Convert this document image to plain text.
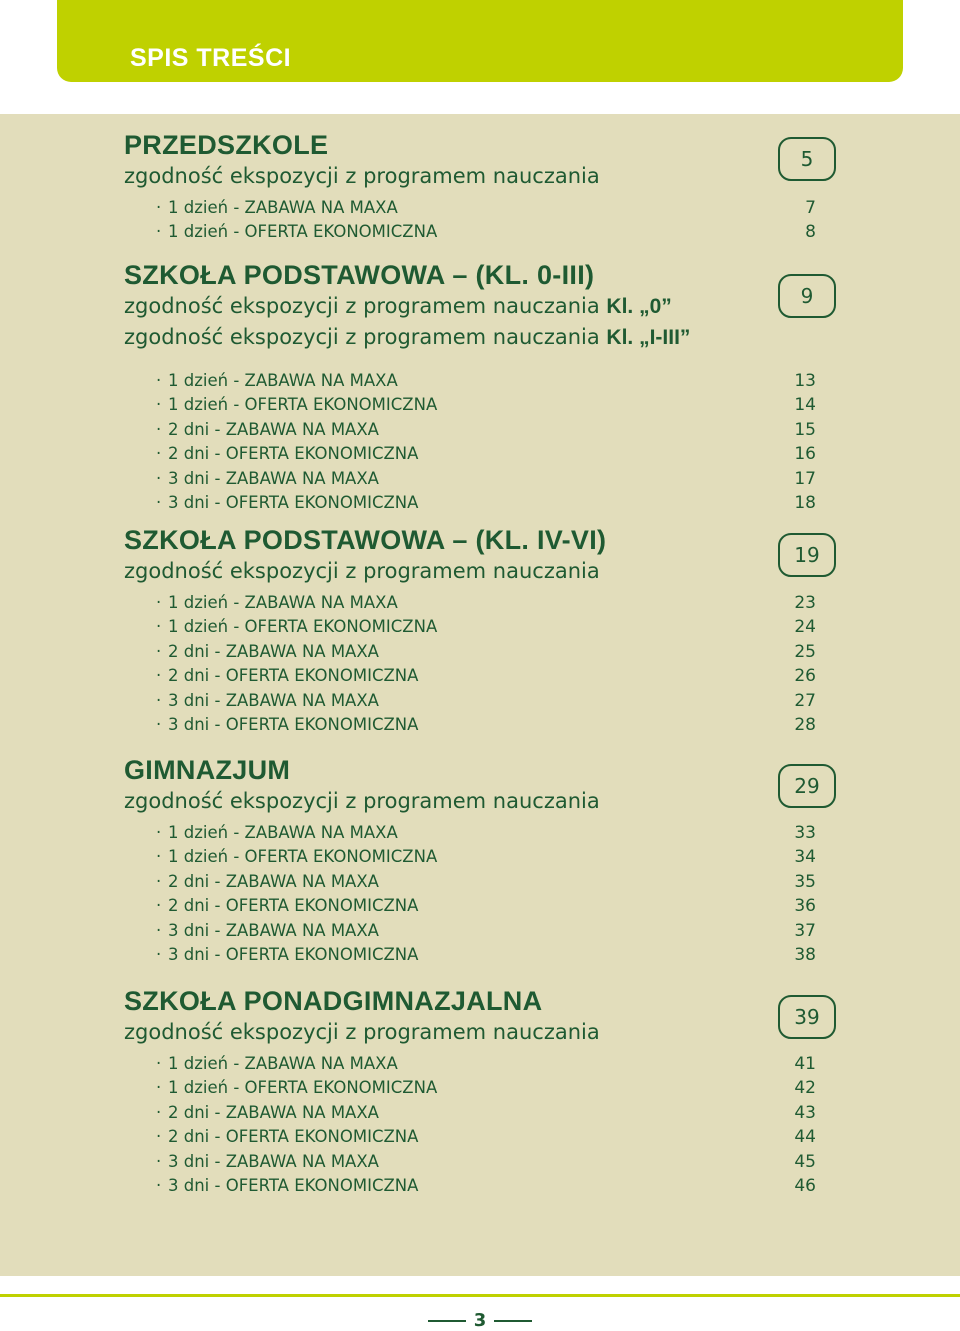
SPIS TREŚCI
PRZEDSZKOLE
zgodność ekspozycji z programem nauczania
5
· 1 dzień - ZABAWA NA MAXA	7
· 1 dzień - OFERTA EKONOMICZNA	8
SZKOŁA PODSTAWOWA – (KL. 0-III)
zgodność ekspozycji z programem nauczania Kl. „0”
zgodność ekspozycji z programem nauczania Kl. „I-III”
9
· 1 dzień - ZABAWA NA MAXA	13
· 1 dzień - OFERTA EKONOMICZNA	14
· 2 dni - ZABAWA NA MAXA	15
· 2 dni - OFERTA EKONOMICZNA	16
· 3 dni - ZABAWA NA MAXA	17
· 3 dni - OFERTA EKONOMICZNA	18
SZKOŁA PODSTAWOWA – (KL. IV-VI)
zgodność ekspozycji z programem nauczania
19
· 1 dzień - ZABAWA NA MAXA	23
· 1 dzień - OFERTA EKONOMICZNA	24
· 2 dni - ZABAWA NA MAXA	25
· 2 dni - OFERTA EKONOMICZNA	26
· 3 dni - ZABAWA NA MAXA	27
· 3 dni - OFERTA EKONOMICZNA	28
GIMNAZJUM
zgodność ekspozycji z programem nauczania
29
· 1 dzień - ZABAWA NA MAXA	33
· 1 dzień - OFERTA EKONOMICZNA	34
· 2 dni - ZABAWA NA MAXA	35
· 2 dni - OFERTA EKONOMICZNA	36
· 3 dni - ZABAWA NA MAXA	37
· 3 dni - OFERTA EKONOMICZNA	38
SZKOŁA PONADGIMNAZJALNA
zgodność ekspozycji z programem nauczania
39
· 1 dzień - ZABAWA NA MAXA	41
· 1 dzień - OFERTA EKONOMICZNA	42
· 2 dni - ZABAWA NA MAXA	43
· 2 dni - OFERTA EKONOMICZNA	44
· 3 dni - ZABAWA NA MAXA	45
· 3 dni - OFERTA EKONOMICZNA	46
3
